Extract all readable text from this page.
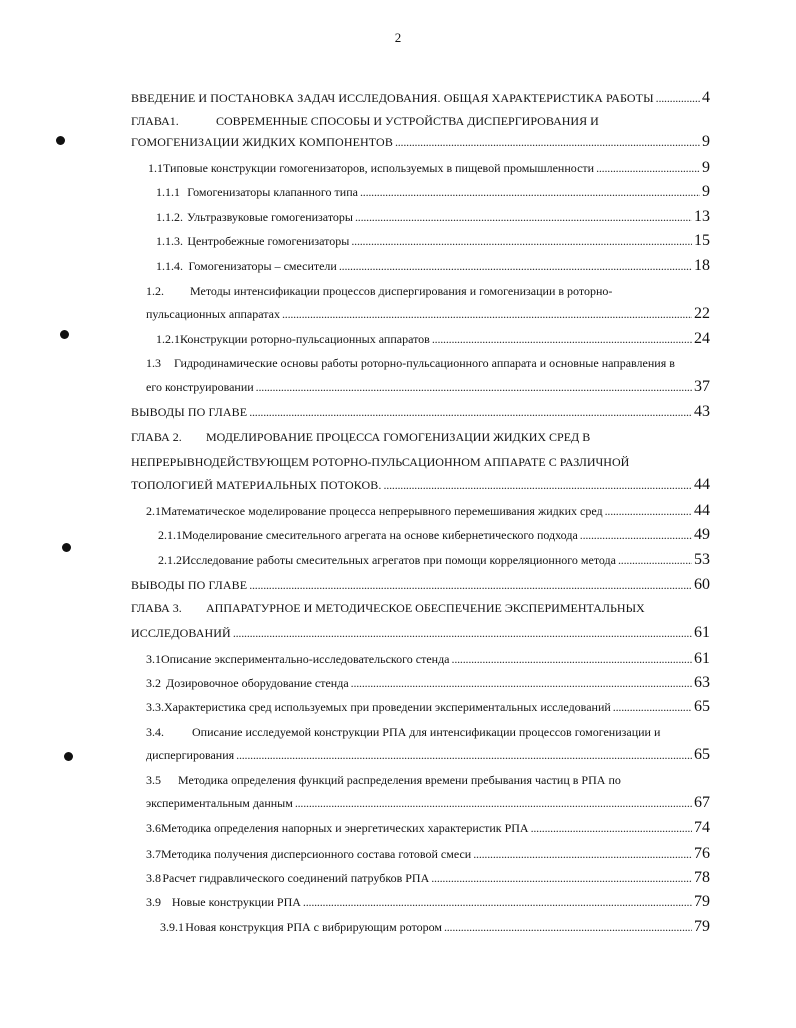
2
ВВЕДЕНИЕ И ПОСТАНОВКА ЗАДАЧ ИССЛЕДОВАНИЯ. ОБЩАЯ ХАРАКТЕРИСТИКА РАБОТЫ . . .	4
ГЛАВА1.	СОВРЕМЕННЫЕ СПОСОБЫ И УСТРОЙСТВА ДИСПЕРГИРОВАНИЯ И
ГОМОГЕНИЗАЦИИ ЖИДКИХ КОМПОНЕНТОВ . . .	9
1.1 Типовые конструкции гомогенизаторов, используемых в пищевой промышленности . . .	9
1.1.1 Гомогенизаторы клапанного типа . . .	9
1.1.2. Ультразвуковые гомогенизаторы . . .	13
1.1.3. Центробежные гомогенизаторы . . .	15
1.1.4. Гомогенизаторы – смесители . . .	18
1.2. Методы интенсификации процессов диспергирования и гомогенизации в роторно-
пульсационных аппаратах . . .	22
1.2.1 Конструкции роторно-пульсационных аппаратов . . .	24
1.3 Гидродинамические основы работы роторно-пульсационного аппарата и основные направления в
его конструировании . . .	37
ВЫВОДЫ ПО ГЛАВЕ . . .	43
ГЛАВА 2. МОДЕЛИРОВАНИЕ ПРОЦЕССА ГОМОГЕНИЗАЦИИ ЖИДКИХ СРЕД В
НЕПРЕРЫВНОДЕЙСТВУЮЩЕМ РОТОРНО-ПУЛЬСАЦИОННОМ АППАРАТЕ С РАЗЛИЧНОЙ
ТОПОЛОГИЕЙ МАТЕРИАЛЬНЫХ ПОТОКОВ. . . .	44
2.1 Математическое моделирование процесса непрерывного перемешивания жидких сред . . .	44
2.1.1 Моделирование смесительного агрегата на основе кибернетического подхода . . .	49
2.1.2 Исследование работы смесительных агрегатов при помощи корреляционного метода . . .	53
ВЫВОДЫ ПО ГЛАВЕ . . .	60
ГЛАВА 3. АППАРАТУРНОЕ И МЕТОДИЧЕСКОЕ ОБЕСПЕЧЕНИЕ ЭКСПЕРИМЕНТАЛЬНЫХ
ИССЛЕДОВАНИЙ . . .	61
3.1 Описание экспериментально-исследовательского стенда . . .	61
3.2 Дозировочное оборудование стенда . . .	63
3.3. Характеристика сред используемых при проведении экспериментальных исследований . . .	65
3.4. Описание исследуемой конструкции РПА для интенсификации процессов гомогенизации и
диспергирования . . .	65
3.5 Методика определения функций распределения времени пребывания частиц в РПА по
экспериментальным данным . . .	67
3.6 Методика определения напорных и энергетических характеристик РПА . . .	74
3.7 Методика получения дисперсионного состава готовой смеси . . .	76
3.8 Расчет гидравлического соединений патрубков РПА . . .	78
3.9 Новые конструкции РПА . . .	79
3.9.1 Новая конструкция РПА с вибрирующим ротором . . .	79
